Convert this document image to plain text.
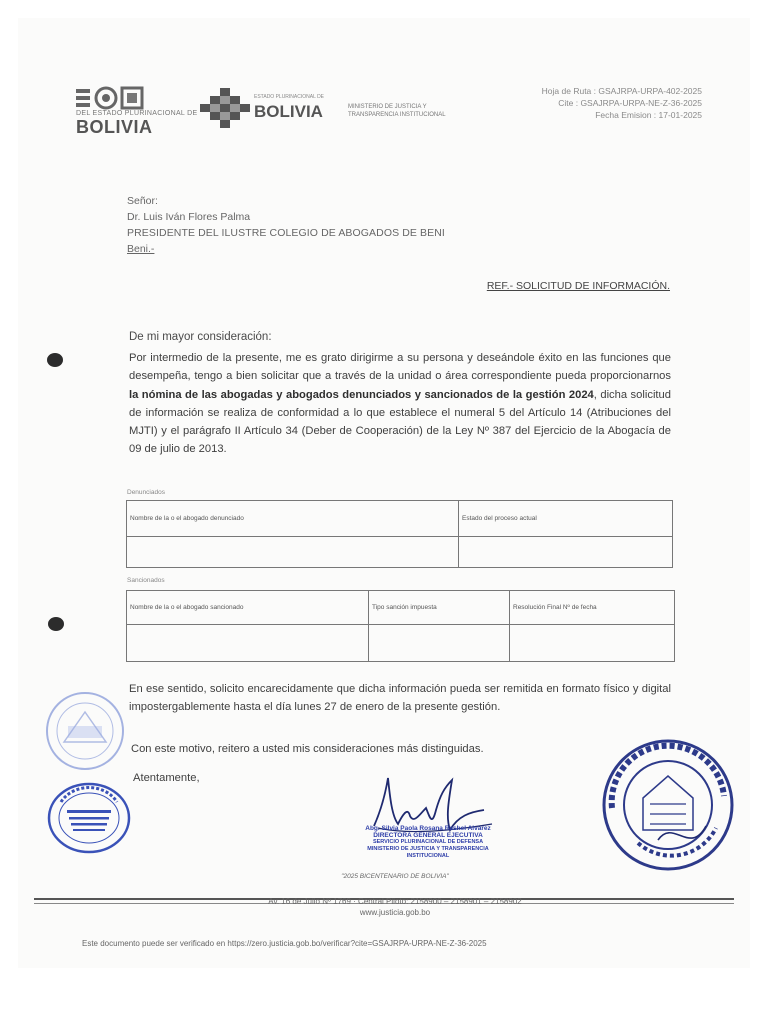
DEL ESTADO PLURINACIONAL DE
BOLIVIA
ESTADO PLURINACIONAL DE
BOLIVIA	MINISTERIO DE JUSTICIA Y
TRANSPARENCIA INSTITUCIONAL
Hoja de Ruta : GSAJRPA-URPA-402-2025
Cite : GSAJRPA-URPA-NE-Z-36-2025
Fecha Emision : 17-01-2025
Señor:
Dr. Luis Iván Flores Palma
PRESIDENTE DEL ILUSTRE COLEGIO DE ABOGADOS DE BENI
Beni.-
REF.- SOLICITUD DE INFORMACIÓN.
De mi mayor consideración:
Por intermedio de la presente, me es grato dirigirme a su persona y deseándole éxito en las funciones que desempeña, tengo a bien solicitar que a través de la unidad o área correspondiente pueda proporcionarnos la nómina de las abogadas y abogados denunciados y sancionados de la gestión 2024, dicha solicitud de información se realiza de conformidad a lo que establece el numeral 5 del Artículo 14 (Atribuciones del MJTI) y el parágrafo II Artículo 34 (Deber de Cooperación) de la Ley Nº 387 del Ejercicio de la Abogacía de 09 de julio de 2013.
Denunciados
Nombre de la o el abogado denunciado	Estado del proceso actual

Sancionados
Nombre de la o el abogado sancionado	Tipo sanción impuesta	Resolución Final Nº de fecha

En ese sentido, solicito encarecidamente que dicha información pueda ser remitida en formato físico y digital impostergablemente hasta el día lunes 27 de enero de la presente gestión.
Con este motivo, reitero a usted mis consideraciones más distinguidas.
Atentamente,
Abg. Silvia Paola Rosana Rashel Alvarez
DIRECTORA GENERAL EJECUTIVA
SERVICIO PLURINACIONAL DE DEFENSA
MINISTERIO DE JUSTICIA Y TRANSPARENCIA INSTITUCIONAL
"2025 BICENTENARIO DE BOLIVIA"
Av. 16 de Julio Nº 1769 · Central Piloto: 2158900 – 2158901 – 2158902
www.justicia.gob.bo
Este documento puede ser verificado en https://zero.justicia.gob.bo/verificar?cite=GSAJRPA-URPA-NE-Z-36-2025
